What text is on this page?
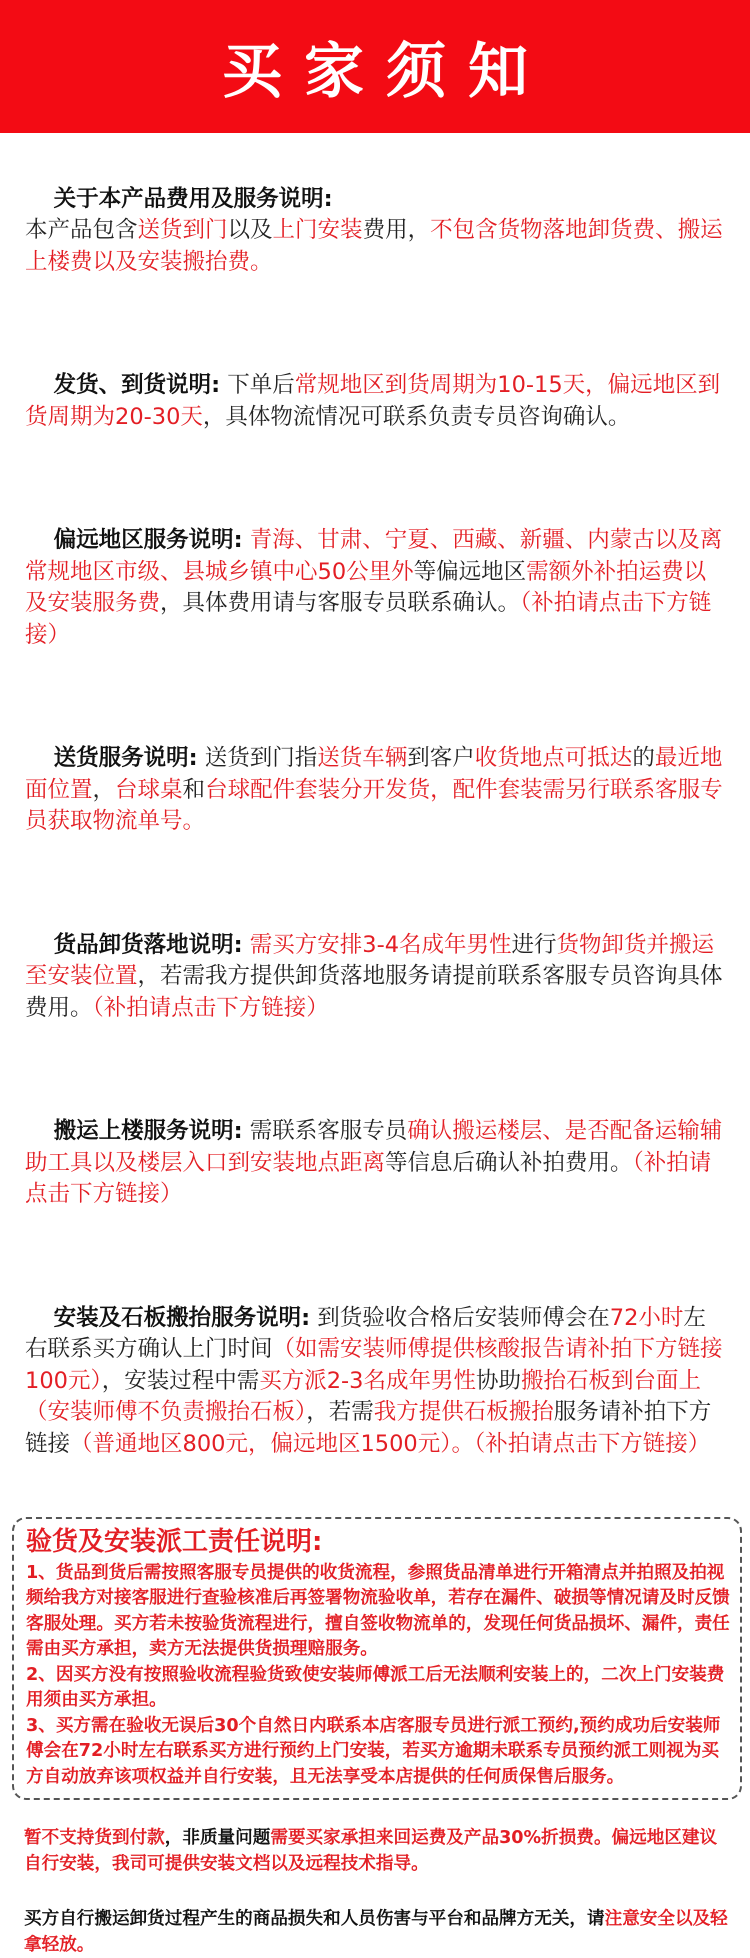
买家须知

关于本产品费用及服务说明:
本产品包含送货到门以及上门安装费用，不包含货物落地卸货费、搬运上楼费以及安装搬抬费。

发货、到货说明: 下单后常规地区到货周期为10-15天，偏远地区到货周期为20-30天，具体物流情况可联系负责专员咨询确认。

偏远地区服务说明: 青海、甘肃、宁夏、西藏、新疆、内蒙古以及离常规地区市级、县城乡镇中心50公里外等偏远地区需额外补拍运费以及安装服务费，具体费用请与客服专员联系确认。（补拍请点击下方链接）

送货服务说明: 送货到门指送货车辆到客户收货地点可抵达的最近地面位置，台球桌和台球配件套装分开发货，配件套装需另行联系客服专员获取物流单号。

货品卸货落地说明: 需买方安排3-4名成年男性进行货物卸货并搬运至安装位置，若需我方提供卸货落地服务请提前联系客服专员咨询具体费用。（补拍请点击下方链接）

搬运上楼服务说明: 需联系客服专员确认搬运楼层、是否配备运输辅助工具以及楼层入口到安装地点距离等信息后确认补拍费用。（补拍请点击下方链接）

安装及石板搬抬服务说明: 到货验收合格后安装师傅会在72小时左右联系买方确认上门时间（如需安装师傅提供核酸报告请补拍下方链接100元），安装过程中需买方派2-3名成年男性协助搬抬石板到台面上（安装师傅不负责搬抬石板），若需我方提供石板搬抬服务请补拍下方链接（普通地区800元，偏远地区1500元）。（补拍请点击下方链接）

验货及安装派工责任说明:
1、货品到货后需按照客服专员提供的收货流程，参照货品清单进行开箱清点并拍照及拍视频给我方对接客服进行查验核准后再签署物流验收单，若存在漏件、破损等情况请及时反馈客服处理。买方若未按验货流程进行，擅自签收物流单的，发现任何货品损坏、漏件，责任需由买方承担，卖方无法提供货损理赔服务。
2、因买方没有按照验收流程验货致使安装师傅派工后无法顺利安装上的，二次上门安装费用须由买方承担。
3、买方需在验收无误后30个自然日内联系本店客服专员进行派工预约,预约成功后安装师傅会在72小时左右联系买方进行预约上门安装，若买方逾期未联系专员预约派工则视为买方自动放弃该项权益并自行安装，且无法享受本店提供的任何质保售后服务。
暂不支持货到付款，非质量问题需要买家承担来回运费及产品30%折损费。偏远地区建议自行安装，我司可提供安装文档以及远程技术指导。
买方自行搬运卸货过程产生的商品损失和人员伤害与平台和品牌方无关，请注意安全以及轻拿轻放。
